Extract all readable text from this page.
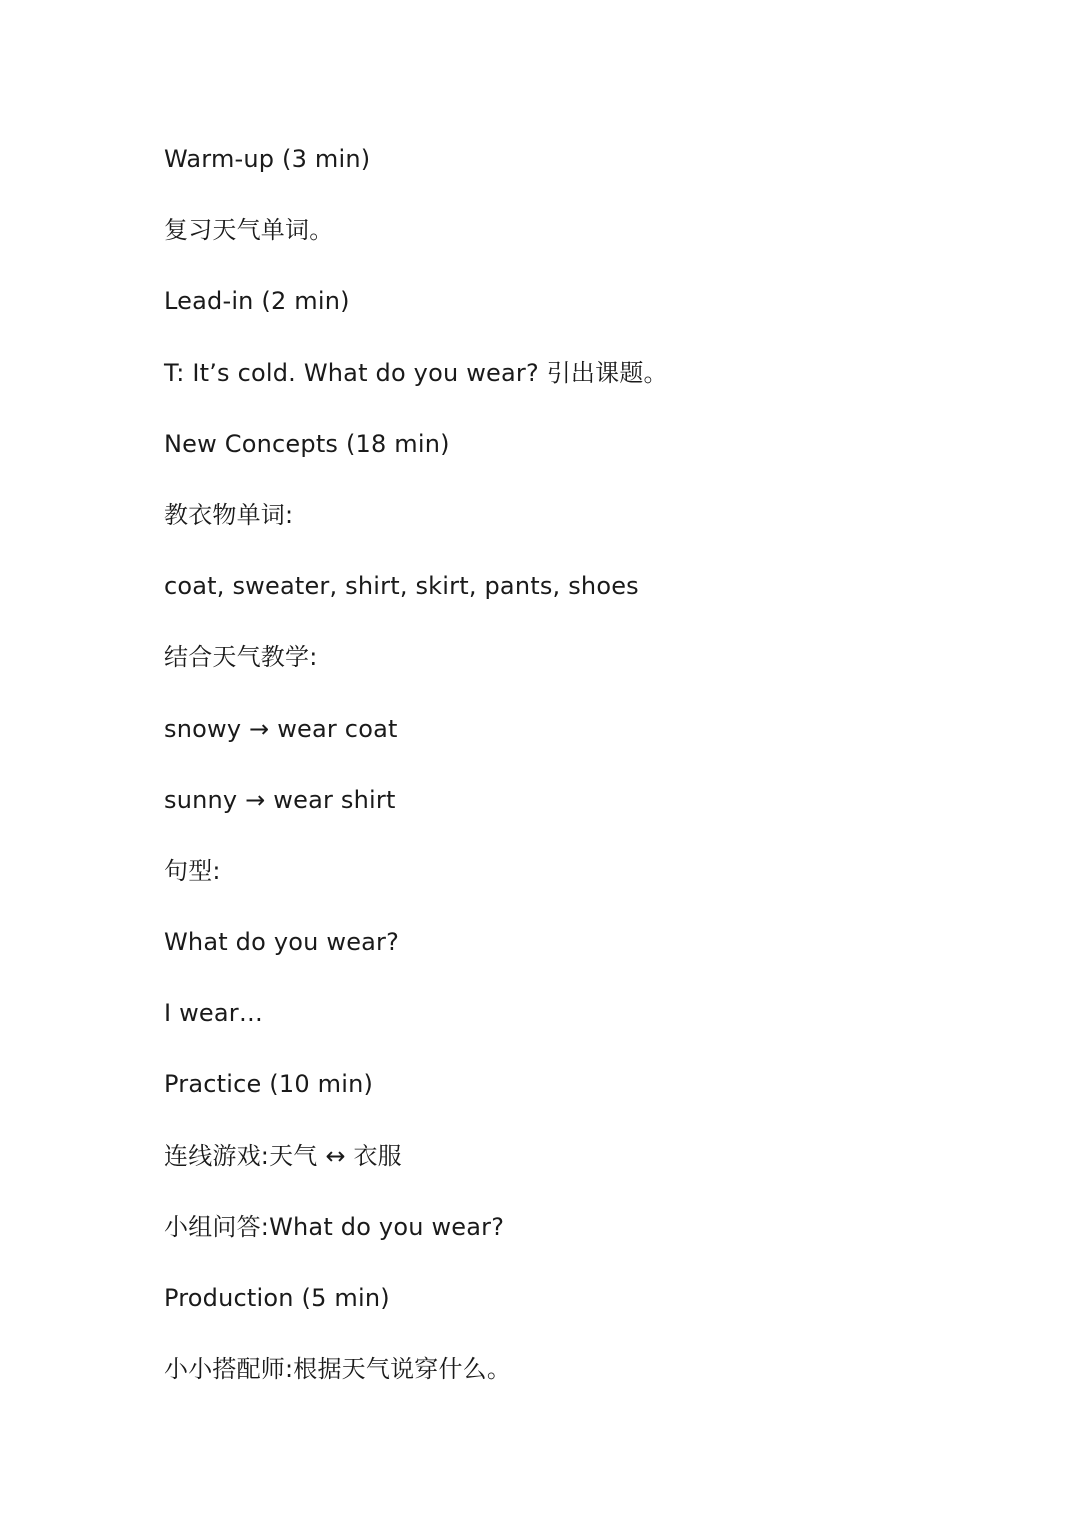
Warm-up (3 min)
复习天气单词。
Lead-in (2 min)
T: It’s cold. What do you wear? 引出课题。
New Concepts (18 min)
教衣物单词:
coat, sweater, shirt, skirt, pants, shoes
结合天气教学:
snowy → wear coat
sunny → wear shirt
句型:
What do you wear?
I wear…
Practice (10 min)
连线游戏:天气 ↔ 衣服
小组问答:What do you wear?
Production (5 min)
小小搭配师:根据天气说穿什么。
